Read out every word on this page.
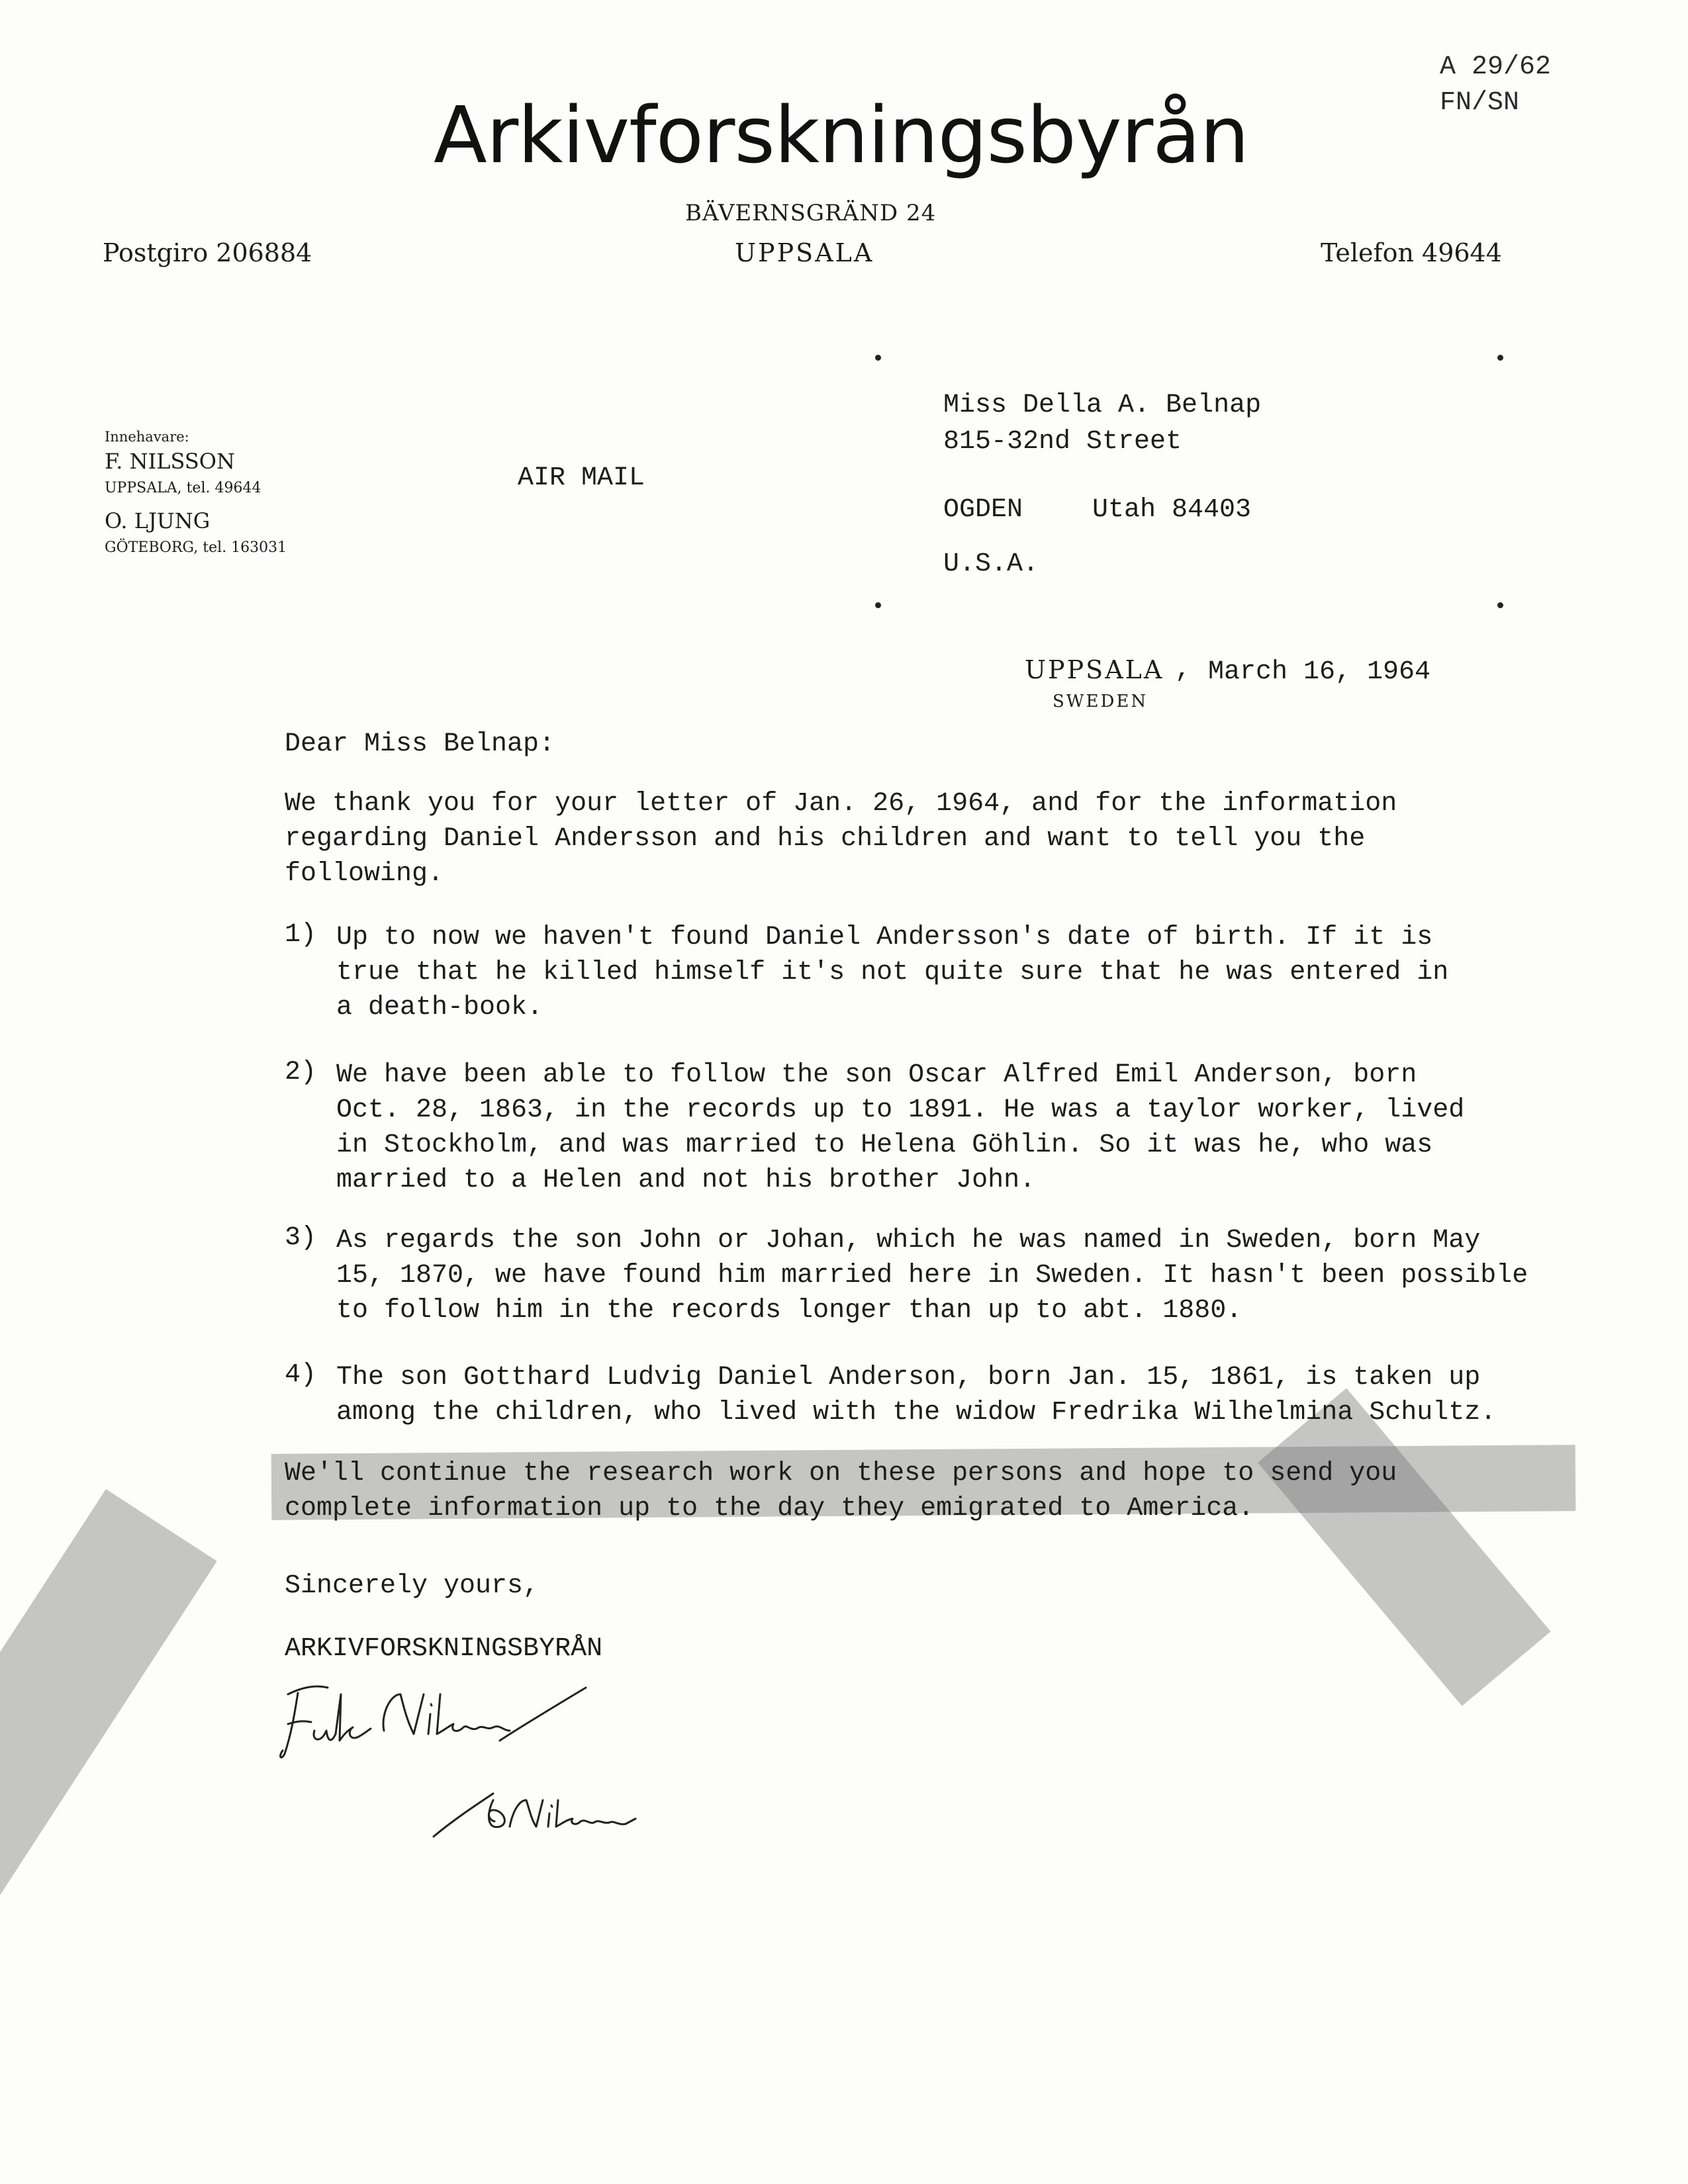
Arkivforskningsbyrån
BÄVERNSGRÄND 24
UPPSALA
Postgiro 206884	Telefon 49644
A 29/62
FN/SN
Innehavare:
F. NILSSON
UPPSALA, tel. 49644
O. LJUNG
GÖTEBORG, tel. 163031
AIR MAIL
Miss Della A. Belnap
815-32nd Street
OGDEN	Utah 84403
U.S.A.
UPPSALA , March 16, 1964
SWEDEN
Dear Miss Belnap:
We thank you for your letter of Jan. 26, 1964, and for the information
regarding Daniel Andersson and his children and want to tell you the
following.
1) Up to now we haven't found Daniel Andersson's date of birth. If it is
true that he killed himself it's not quite sure that he was entered in
a death-book.
2) We have been able to follow the son Oscar Alfred Emil Anderson, born
Oct. 28, 1863, in the records up to 1891. He was a taylor worker, lived
in Stockholm, and was married to Helena Göhlin. So it was he, who was
married to a Helen and not his brother John.
3) As regards the son John or Johan, which he was named in Sweden, born May
15, 1870, we have found him married here in Sweden. It hasn't been possible
to follow him in the records longer than up to abt. 1880.
4) The son Gotthard Ludvig Daniel Anderson, born Jan. 15, 1861, is taken up
among the children, who lived with the widow Fredrika Wilhelmina Schultz.
We'll continue the research work on these persons and hope to send you
complete information up to the day they emigrated to America.
Sincerely yours,
ARKIVFORSKNINGSBYRÅN
